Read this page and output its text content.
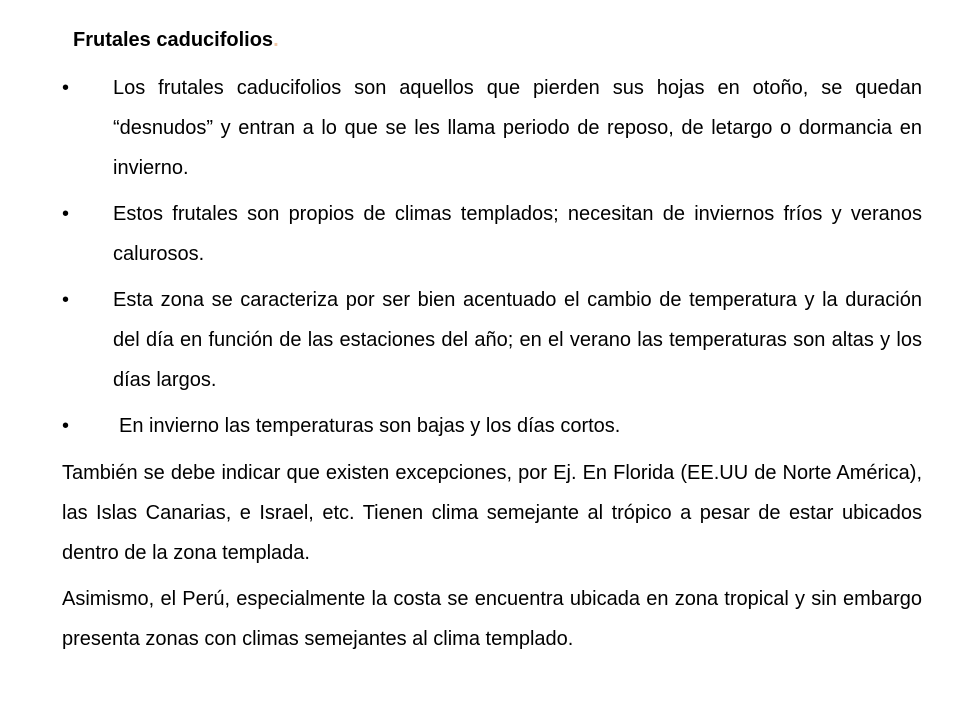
Frutales caducifolios.
• Los frutales caducifolios son aquellos que pierden sus hojas en otoño, se quedan “desnudos” y entran a lo que se les llama periodo de reposo, de letargo o dormancia en invierno.
• Estos frutales son propios de climas templados; necesitan de inviernos fríos y veranos calurosos.
• Esta zona se caracteriza por ser bien acentuado el cambio de temperatura y la duración del día en función de las estaciones del año; en el verano las temperaturas son altas y los días largos.
• En invierno las temperaturas son bajas y los días cortos.
También se debe indicar que existen excepciones, por Ej. En Florida (EE.UU de Norte América), las Islas Canarias, e Israel, etc. Tienen clima semejante al trópico a pesar de estar ubicados dentro de la zona templada.
Asimismo, el Perú, especialmente la costa se encuentra ubicada en zona tropical y sin embargo presenta zonas con climas semejantes al clima templado.
